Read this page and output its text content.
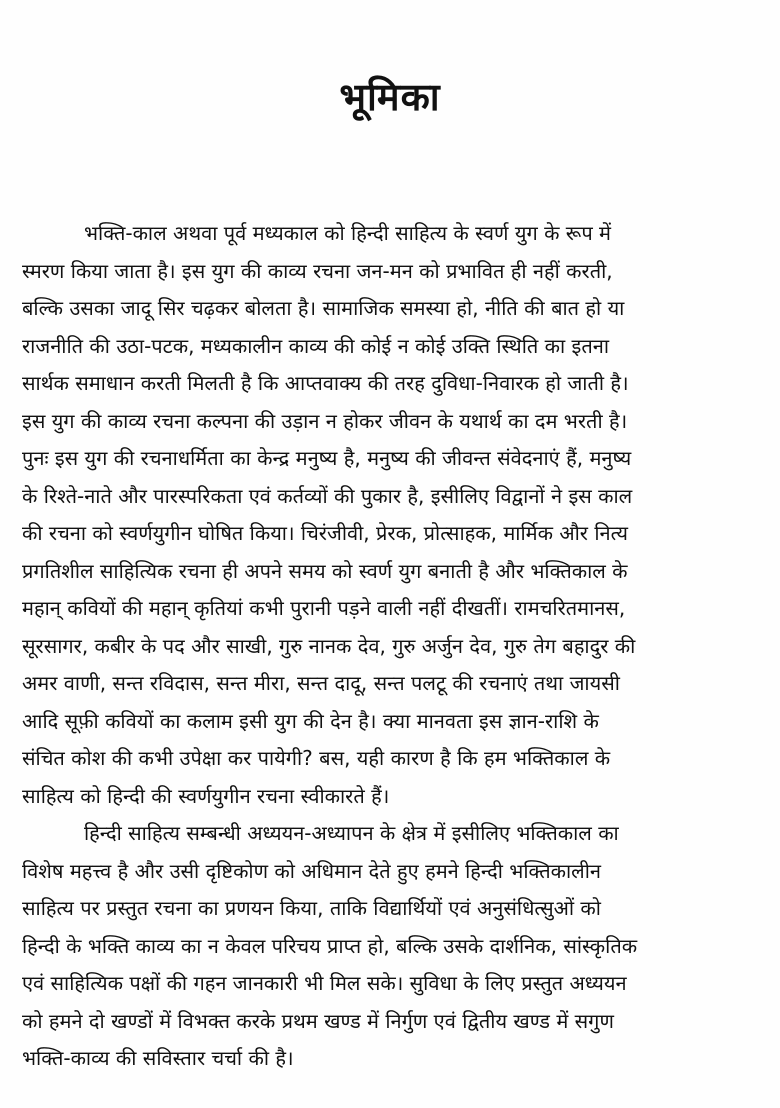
भूमिका
भक्ति-काल अथवा पूर्व मध्यकाल को हिन्दी साहित्य के स्वर्ण युग के रूप में
स्मरण किया जाता है। इस युग की काव्य रचना जन-मन को प्रभावित ही नहीं करती,
बल्कि उसका जादू सिर चढ़कर बोलता है। सामाजिक समस्या हो, नीति की बात हो या
राजनीति की उठा-पटक, मध्यकालीन काव्य की कोई न कोई उक्ति स्थिति का इतना
सार्थक समाधान करती मिलती है कि आप्तवाक्य की तरह दुविधा-निवारक हो जाती है।
इस युग की काव्य रचना कल्पना की उड़ान न होकर जीवन के यथार्थ का दम भरती है।
पुनः इस युग की रचनाधर्मिता का केन्द्र मनुष्य है, मनुष्य की जीवन्त संवेदनाएं हैं, मनुष्य
के रिश्ते-नाते और पारस्परिकता एवं कर्तव्यों की पुकार है, इसीलिए विद्वानों ने इस काल
की रचना को स्वर्णयुगीन घोषित किया। चिरंजीवी, प्रेरक, प्रोत्साहक, मार्मिक और नित्य
प्रगतिशील साहित्यिक रचना ही अपने समय को स्वर्ण युग बनाती है और भक्तिकाल के
महान् कवियों की महान् कृतियां कभी पुरानी पड़ने वाली नहीं दीखतीं। रामचरितमानस,
सूरसागर, कबीर के पद और साखी, गुरु नानक देव, गुरु अर्जुन देव, गुरु तेग बहादुर की
अमर वाणी, सन्त रविदास, सन्त मीरा, सन्त दादू, सन्त पलटू की रचनाएं तथा जायसी
आदि सूफ़ी कवियों का कलाम इसी युग की देन है। क्या मानवता इस ज्ञान-राशि के
संचित कोश की कभी उपेक्षा कर पायेगी? बस, यही कारण है कि हम भक्तिकाल के
साहित्य को हिन्दी की स्वर्णयुगीन रचना स्वीकारते हैं।
हिन्दी साहित्य सम्बन्धी अध्ययन-अध्यापन के क्षेत्र में इसीलिए भक्तिकाल का
विशेष महत्त्व है और उसी दृष्टिकोण को अधिमान देते हुए हमने हिन्दी भक्तिकालीन
साहित्य पर प्रस्तुत रचना का प्रणयन किया, ताकि विद्यार्थियों एवं अनुसंधित्सुओं को
हिन्दी के भक्ति काव्य का न केवल परिचय प्राप्त हो, बल्कि उसके दार्शनिक, सांस्कृतिक
एवं साहित्यिक पक्षों की गहन जानकारी भी मिल सके। सुविधा के लिए प्रस्तुत अध्ययन
को हमने दो खण्डों में विभक्त करके प्रथम खण्ड में निर्गुण एवं द्वितीय खण्ड में सगुण
भक्ति-काव्य की सविस्तार चर्चा की है।
